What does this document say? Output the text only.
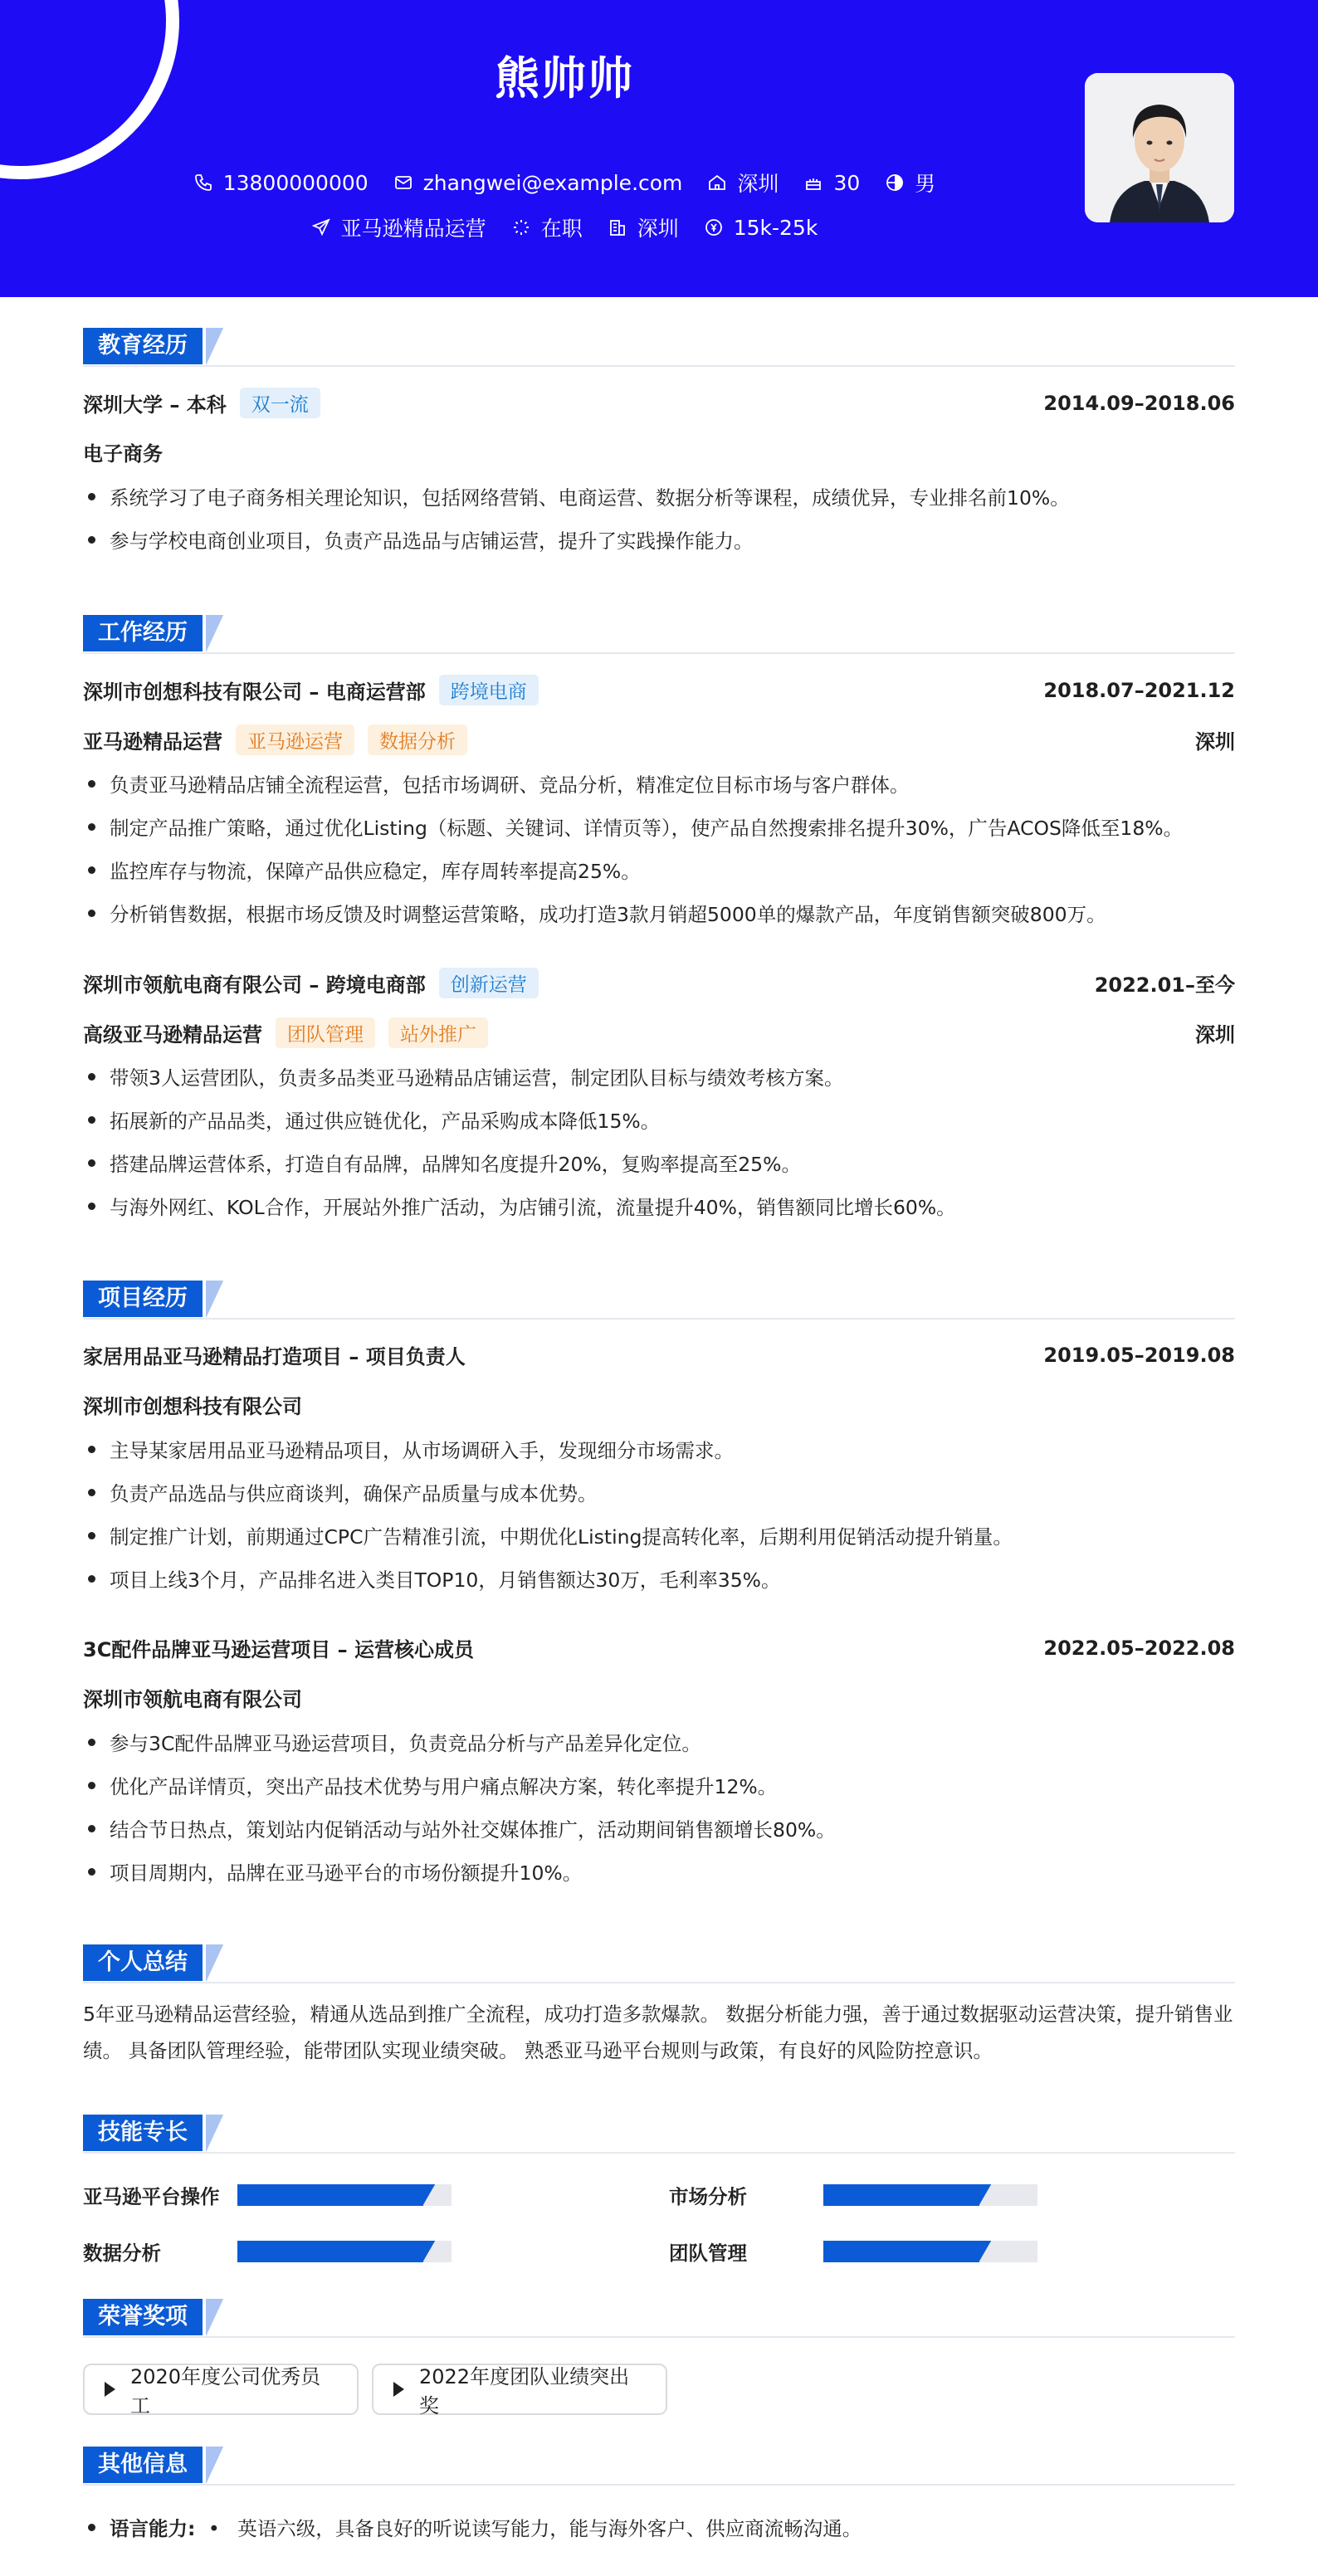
熊帅帅
13800000000	zhangwei@example.com	深圳	30	男
亚马逊精品运营	在职	深圳	15k-25k
教育经历
深圳大学 – 本科	双一流	2014.09–2018.06
电子商务
系统学习了电子商务相关理论知识，包括网络营销、电商运营、数据分析等课程，成绩优异，专业排名前10%。
参与学校电商创业项目，负责产品选品与店铺运营，提升了实践操作能力。
工作经历
深圳市创想科技有限公司 – 电商运营部	跨境电商	2018.07–2021.12
亚马逊精品运营	亚马逊运营	数据分析	深圳
负责亚马逊精品店铺全流程运营，包括市场调研、竞品分析，精准定位目标市场与客户群体。
制定产品推广策略，通过优化Listing（标题、关键词、详情页等），使产品自然搜索排名提升30%，广告ACOS降低至18%。
监控库存与物流，保障产品供应稳定，库存周转率提高25%。
分析销售数据，根据市场反馈及时调整运营策略，成功打造3款月销超5000单的爆款产品，年度销售额突破800万。
深圳市领航电商有限公司 – 跨境电商部	创新运营	2022.01–至今
高级亚马逊精品运营	团队管理	站外推广	深圳
带领3人运营团队，负责多品类亚马逊精品店铺运营，制定团队目标与绩效考核方案。
拓展新的产品品类，通过供应链优化，产品采购成本降低15%。
搭建品牌运营体系，打造自有品牌，品牌知名度提升20%，复购率提高至25%。
与海外网红、KOL合作，开展站外推广活动，为店铺引流，流量提升40%，销售额同比增长60%。
项目经历
家居用品亚马逊精品打造项目 – 项目负责人	2019.05–2019.08
深圳市创想科技有限公司
主导某家居用品亚马逊精品项目，从市场调研入手，发现细分市场需求。
负责产品选品与供应商谈判，确保产品质量与成本优势。
制定推广计划，前期通过CPC广告精准引流，中期优化Listing提高转化率，后期利用促销活动提升销量。
项目上线3个月，产品排名进入类目TOP10，月销售额达30万，毛利率35%。
3C配件品牌亚马逊运营项目 – 运营核心成员	2022.05–2022.08
深圳市领航电商有限公司
参与3C配件品牌亚马逊运营项目，负责竞品分析与产品差异化定位。
优化产品详情页，突出产品技术优势与用户痛点解决方案，转化率提升12%。
结合节日热点，策划站内促销活动与站外社交媒体推广，活动期间销售额增长80%。
项目周期内，品牌在亚马逊平台的市场份额提升10%。
个人总结
5年亚马逊精品运营经验，精通从选品到推广全流程，成功打造多款爆款。 数据分析能力强，善于通过数据驱动运营决策，提升销售业绩。 具备团队管理经验，能带团队实现业绩突破。 熟悉亚马逊平台规则与政策，有良好的风险防控意识。
技能专长
亚马逊平台操作	市场分析
数据分析	团队管理
荣誉奖项
2020年度公司优秀员工
2022年度团队业绩突出奖
其他信息
语言能力: • 英语六级，具备良好的听说读写能力，能与海外客户、供应商流畅沟通。
